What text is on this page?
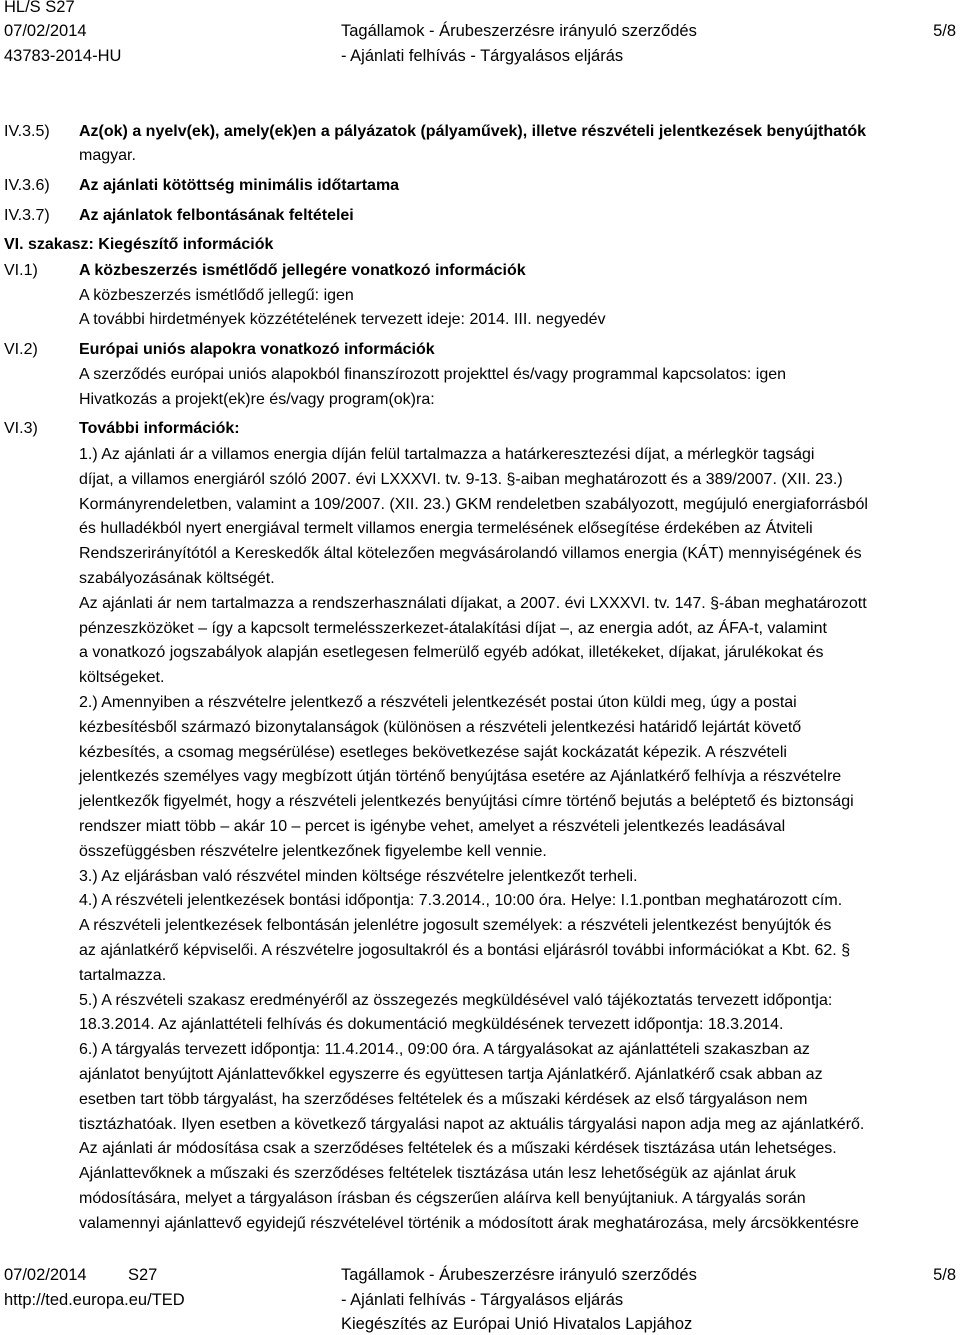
HL/S S27
07/02/2014
43783-2014-HU
Tagállamok - Árubeszerzésre irányuló szerződés
- Ajánlati felhívás - Tárgyalásos eljárás
5/8
IV.3.5) Az(ok) a nyelv(ek), amely(ek)en a pályázatok (pályaművek), illetve részvételi jelentkezések benyújthatók
magyar.
IV.3.6) Az ajánlati kötöttség minimális időtartama
IV.3.7) Az ajánlatok felbontásának feltételei
VI. szakasz: Kiegészítő információk
VI.1)	A közbeszerzés ismétlődő jellegére vonatkozó információk
A közbeszerzés ismétlődő jellegű: igen
A további hirdetmények közzétételének tervezett ideje: 2014. III. negyedév
VI.2)	Európai uniós alapokra vonatkozó információk
A szerződés európai uniós alapokból finanszírozott projekttel és/vagy programmal kapcsolatos: igen
Hivatkozás a projekt(ek)re és/vagy program(ok)ra:
VI.3)	További információk:
1.) Az ajánlati ár a villamos energia díján felül tartalmazza a határkeresztezési díjat, a mérlegkör tagsági
díjat, a villamos energiáról szóló 2007. évi LXXXVI. tv. 9-13. §-aiban meghatározott és a 389/2007. (XII. 23.)
Kormányrendeletben, valamint a 109/2007. (XII. 23.) GKM rendeletben szabályozott, megújuló energiaforrásból
és hulladékból nyert energiával termelt villamos energia termelésének elősegítése érdekében az Átviteli
Rendszerirányítótól a Kereskedők által kötelezően megvásárolandó villamos energia (KÁT) mennyiségének és
szabályozásának költségét.
Az ajánlati ár nem tartalmazza a rendszerhasználati díjakat, a 2007. évi LXXXVI. tv. 147. §-ában meghatározott
pénzeszközöket – így a kapcsolt termelésszerkezet-átalakítási díjat –, az energia adót, az ÁFA-t, valamint
a vonatkozó jogszabályok alapján esetlegesen felmerülő egyéb adókat, illetékeket, díjakat, járulékokat és
költségeket.
2.) Amennyiben a részvételre jelentkező a részvételi jelentkezését postai úton küldi meg, úgy a postai
kézbesítésből származó bizonytalanságok (különösen a részvételi jelentkezési határidő lejártát követő
kézbesítés, a csomag megsérülése) esetleges bekövetkezése saját kockázatát képezik. A részvételi
jelentkezés személyes vagy megbízott útján történő benyújtása esetére az Ajánlatkérő felhívja a részvételre
jelentkezők figyelmét, hogy a részvételi jelentkezés benyújtási címre történő bejutás a beléptető és biztonsági
rendszer miatt több – akár 10 – percet is igénybe vehet, amelyet a részvételi jelentkezés leadásával
összefüggésben részvételre jelentkezőnek figyelembe kell vennie.
3.) Az eljárásban való részvétel minden költsége részvételre jelentkezőt terheli.
4.) A részvételi jelentkezések bontási időpontja: 7.3.2014., 10:00 óra. Helye: I.1.pontban meghatározott cím.
A részvételi jelentkezések felbontásán jelenlétre jogosult személyek: a részvételi jelentkezést benyújtók és
az ajánlatkérő képviselői. A részvételre jogosultakról és a bontási eljárásról további információkat a Kbt. 62. §
tartalmazza.
5.) A részvételi szakasz eredményéről az összegezés megküldésével való tájékoztatás tervezett időpontja:
18.3.2014. Az ajánlattételi felhívás és dokumentáció megküldésének tervezett időpontja: 18.3.2014.
6.) A tárgyalás tervezett időpontja: 11.4.2014., 09:00 óra. A tárgyalásokat az ajánlattételi szakaszban az
ajánlatot benyújtott Ajánlattevőkkel egyszerre és együttesen tartja Ajánlatkérő. Ajánlatkérő csak abban az
esetben tart több tárgyalást, ha szerződéses feltételek és a műszaki kérdések az első tárgyaláson nem
tisztázhatóak. Ilyen esetben a következő tárgyalási napot az aktuális tárgyalási napon adja meg az ajánlatkérő.
Az ajánlati ár módosítása csak a szerződéses feltételek és a műszaki kérdések tisztázása után lehetséges.
Ajánlattevőknek a műszaki és szerződéses feltételek tisztázása után lesz lehetőségük az ajánlat áruk
módosítására, melyet a tárgyaláson írásban és cégszerűen aláírva kell benyújtaniuk. A tárgyalás során
valamennyi ajánlattevő egyidejű részvételével történik a módosított árak meghatározása, mely árcsökkentésre
07/02/2014	S27
http://ted.europa.eu/TED
Tagállamok - Árubeszerzésre irányuló szerződés
- Ajánlati felhívás - Tárgyalásos eljárás
Kiegészítés az Európai Unió Hivatalos Lapjához
5/8
